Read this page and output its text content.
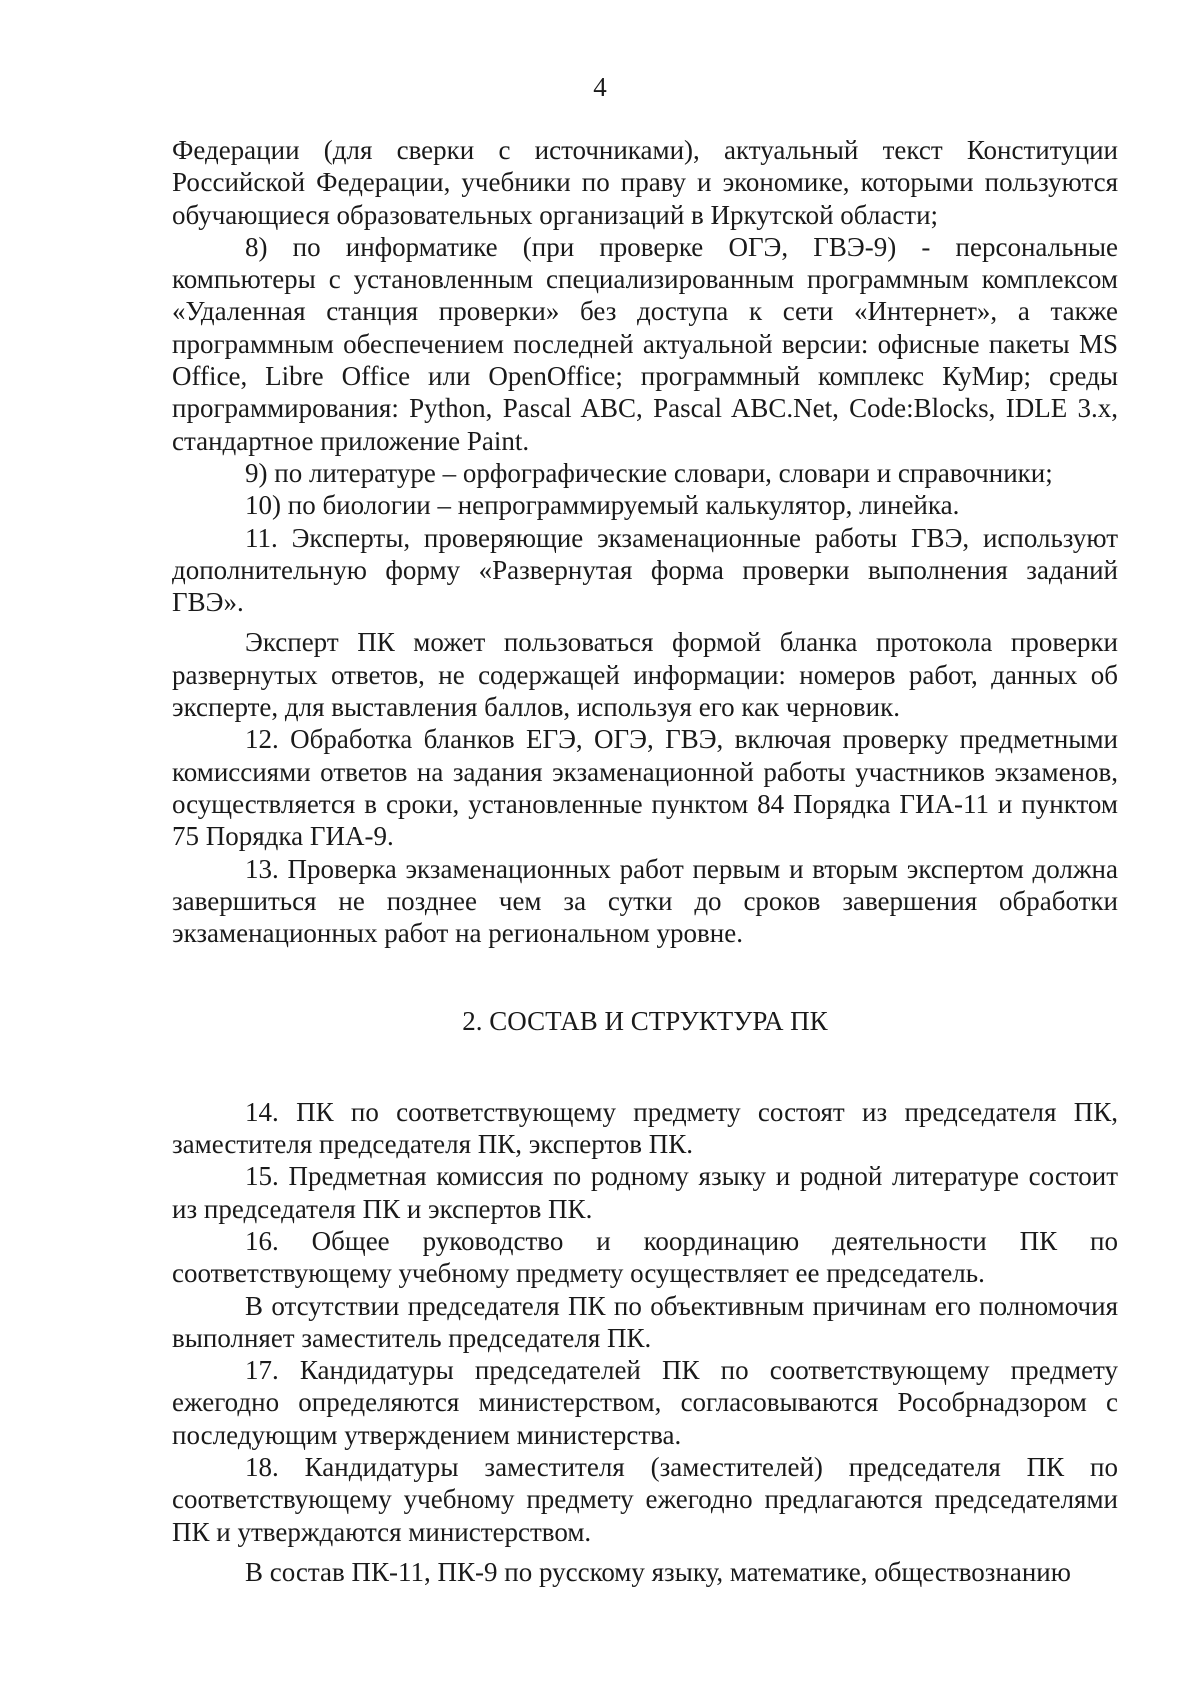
4

Федерации (для сверки с источниками), актуальный текст Конституции Российской Федерации, учебники по праву и экономике, которыми пользуются обучающиеся образовательных организаций в Иркутской области;

8) по информатике (при проверке ОГЭ, ГВЭ-9) - персональные компьютеры с установленным специализированным программным комплексом «Удаленная станция проверки» без доступа к сети «Интернет», а также программным обеспечением последней актуальной версии: офисные пакеты MS Office, Libre Office или OpenOffice; программный комплекс КуМир; среды программирования: Python, Pascal ABC, Pascal ABC.Net, Code:Blocks, IDLE 3.x, стандартное приложение Paint.

9) по литературе – орфографические словари, словари и справочники;

10) по биологии – непрограммируемый калькулятор, линейка.

11. Эксперты, проверяющие экзаменационные работы ГВЭ, используют дополнительную форму «Развернутая форма проверки выполнения заданий ГВЭ».

Эксперт ПК может пользоваться формой бланка протокола проверки развернутых ответов, не содержащей информации: номеров работ, данных об эксперте, для выставления баллов, используя его как черновик.

12. Обработка бланков ЕГЭ, ОГЭ, ГВЭ, включая проверку предметными комиссиями ответов на задания экзаменационной работы участников экзаменов, осуществляется в сроки, установленные пунктом 84 Порядка ГИА-11 и пунктом 75 Порядка ГИА-9.

13. Проверка экзаменационных работ первым и вторым экспертом должна завершиться не позднее чем за сутки до сроков завершения обработки экзаменационных работ на региональном уровне.

2. СОСТАВ И СТРУКТУРА ПК

14. ПК по соответствующему предмету состоят из председателя ПК, заместителя председателя ПК, экспертов ПК.

15. Предметная комиссия по родному языку и родной литературе состоит из председателя ПК и экспертов ПК.

16. Общее руководство и координацию деятельности ПК по соответствующему учебному предмету осуществляет ее председатель.

В отсутствии председателя ПК по объективным причинам его полномочия выполняет заместитель председателя ПК.

17. Кандидатуры председателей ПК по соответствующему предмету ежегодно определяются министерством, согласовываются Рособрнадзором с последующим утверждением министерства.

18. Кандидатуры заместителя (заместителей) председателя ПК по соответствующему учебному предмету ежегодно предлагаются председателями ПК и утверждаются министерством.

В состав ПК-11, ПК-9 по русскому языку, математике, обществознанию
